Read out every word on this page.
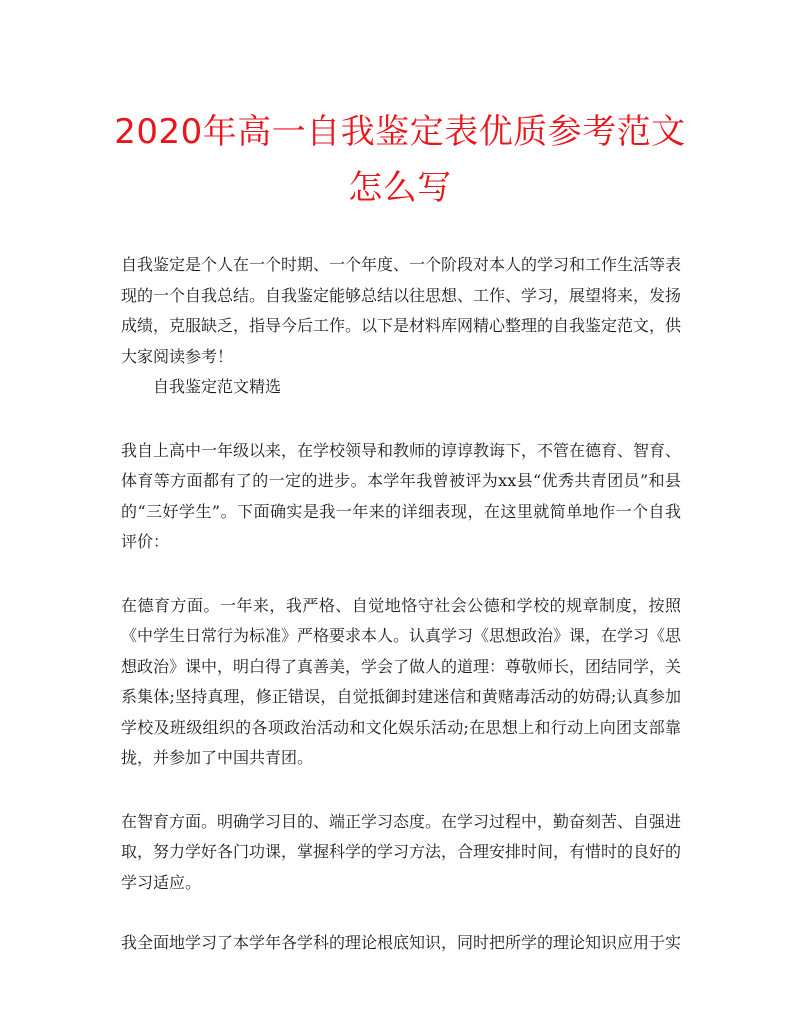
2020年高一自我鉴定表优质参考范文怎么写

自我鉴定是个人在一个时期、一个年度、一个阶段对本人的学习和工作生活等表现的一个自我总结。自我鉴定能够总结以往思想、工作、学习，展望将来，发扬成绩，克服缺乏，指导今后工作。以下是材料库网精心整理的自我鉴定范文，供大家阅读参考！

自我鉴定范文精选

我自上高中一年级以来，在学校领导和教师的谆谆教诲下，不管在德育、智育、体育等方面都有了的一定的进步。本学年我曾被评为xx县“优秀共青团员”和县的“三好学生”。下面确实是我一年来的详细表现，在这里就简单地作一个自我评价：

在德育方面。一年来，我严格、自觉地恪守社会公德和学校的规章制度，按照《中学生日常行为标准》严格要求本人。认真学习《思想政治》课，在学习《思想政治》课中，明白得了真善美，学会了做人的道理：尊敬师长，团结同学，关系集体;坚持真理，修正错误，自觉抵御封建迷信和黄赌毒活动的妨碍;认真参加学校及班级组织的各项政治活动和文化娱乐活动;在思想上和行动上向团支部靠拢，并参加了中国共青团。

在智育方面。明确学习目的、端正学习态度。在学习过程中，勤奋刻苦、自强进取，努力学好各门功课，掌握科学的学习方法，合理安排时间，有惜时的良好的学习适应。

我全面地学习了本学年各学科的理论根底知识，同时把所学的理论知识应用于实
